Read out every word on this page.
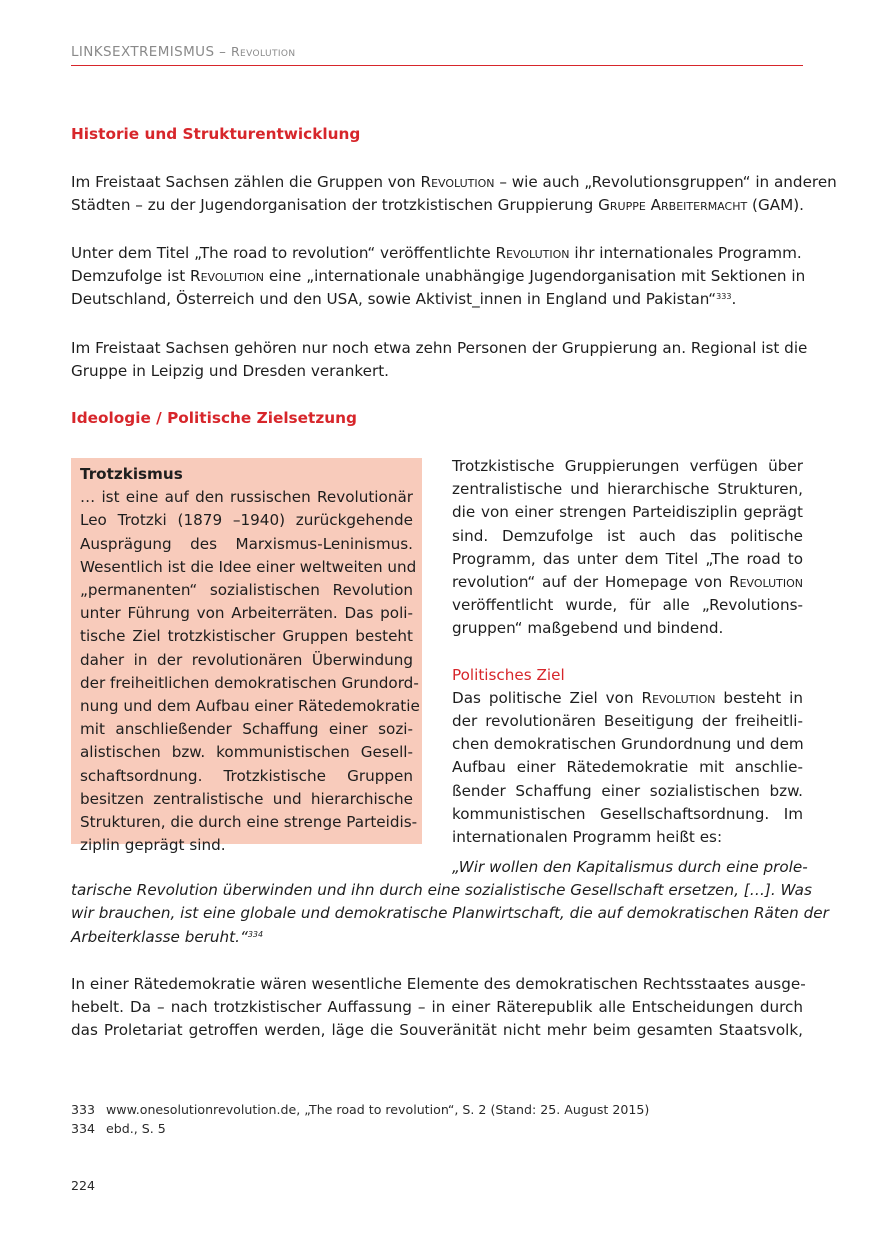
LINKSEXTREMISMUS – Revolution
Historie und Strukturentwicklung
Im Freistaat Sachsen zählen die Gruppen von Revolution – wie auch „Revolutionsgruppen“ in anderen
Städten – zu der Jugendorganisation der trotzkistischen Gruppierung Gruppe Arbeitermacht (GAM).
Unter dem Titel „The road to revolution“ veröffentlichte Revolution ihr internationales Programm.
Demzufolge ist Revolution eine „internationale unabhängige Jugendorganisation mit Sektionen in
Deutschland, Österreich und den USA, sowie Aktivist_innen in England und Pakistan“$^{333}$.
Im Freistaat Sachsen gehören nur noch etwa zehn Personen der Gruppierung an. Regional ist die
Gruppe in Leipzig und Dresden verankert.
Ideologie / Politische Zielsetzung
Trotzkismus
… ist eine auf den russischen Revolutionär
Leo Trotzki (1879 –1940) zurückgehende
Ausprägung des Marxismus-Leninismus.
Wesentlich ist die Idee einer weltweiten und
„permanenten“ sozialistischen Revolution
unter Führung von Arbeiterräten. Das poli-
tische Ziel trotzkistischer Gruppen besteht
daher in der revolutionären Überwindung
der freiheitlichen demokratischen Grundord-
nung und dem Aufbau einer Rätedemokratie
mit anschließender Schaffung einer sozi-
alistischen bzw. kommunistischen Gesell-
schaftsordnung. Trotzkistische Gruppen
besitzen zentralistische und hierarchische
Strukturen, die durch eine strenge Parteidis-
ziplin geprägt sind.
Trotzkistische Gruppierungen verfügen über
zentralistische und hierarchische Strukturen,
die von einer strengen Parteidisziplin geprägt
sind. Demzufolge ist auch das politische
Programm, das unter dem Titel „The road to
revolution“ auf der Homepage von Revolution
veröffentlicht wurde, für alle „Revolutions-
gruppen“ maßgebend und bindend.
Politisches Ziel
Das politische Ziel von Revolution besteht in
der revolutionären Beseitigung der freiheitli-
chen demokratischen Grundordnung und dem
Aufbau einer Rätedemokratie mit anschlie-
ßender Schaffung einer sozialistischen bzw.
kommunistischen Gesellschaftsordnung. Im
internationalen Programm heißt es:
„Wir wollen den Kapitalismus durch eine prole-
tarische Revolution überwinden und ihn durch eine sozialistische Gesellschaft ersetzen, […]. Was
wir brauchen, ist eine globale und demokratische Planwirtschaft, die auf demokratischen Räten der
Arbeiterklasse beruht.“$^{334}$
In einer Rätedemokratie wären wesentliche Elemente des demokratischen Rechtsstaates ausge-
hebelt. Da – nach trotzkistischer Auffassung – in einer Räterepublik alle Entscheidungen durch
das Proletariat getroffen werden, läge die Souveränität nicht mehr beim gesamten Staatsvolk,
333 www.onesolutionrevolution.de, „The road to revolution“, S. 2 (Stand: 25. August 2015)
334 ebd., S. 5
224
